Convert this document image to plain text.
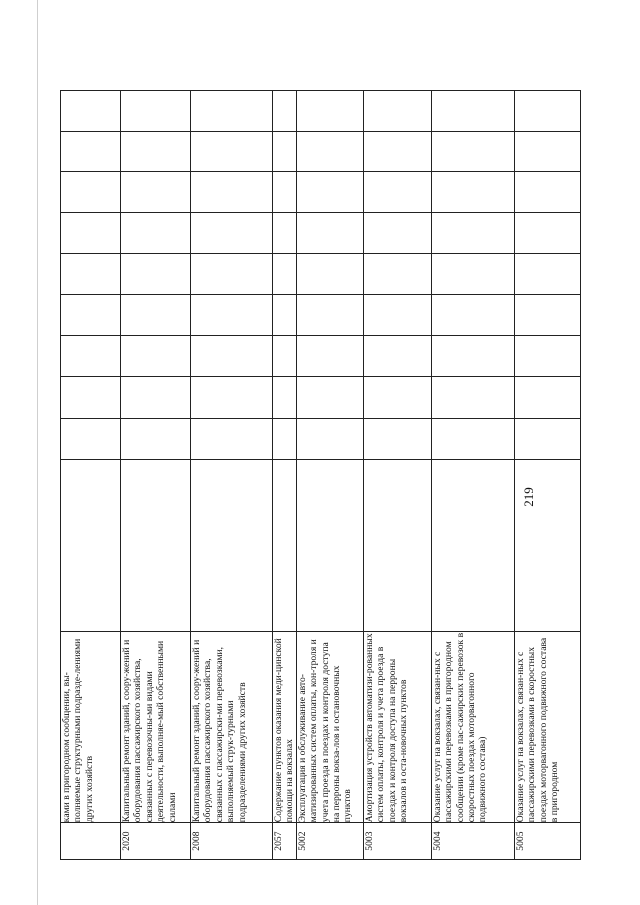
	ками в пригородном сообщении, вы-полняемые структурными подразде-лениями других хозяйств										
2020	Капитальный ремонт зданий, соору-жений и оборудования пассажирского хозяйства, связанных с перевозочны-ми видами деятельности, выполняе-мый собственными силами										
2008	Капитальный ремонт зданий, соору-жений и оборудования пассажирского хозяйства, связанных с пассажирски-ми перевозками, выполняемый струк-турными подразделениями других хозяйств										
2057	Содержание пунктов оказания меди-цинской помощи на вокзалах										
5002	Эксплуатация и обслуживание авто-матизированных систем оплаты, кон-троля и учета проезда в поездах и контроля доступа на перроны вокза-лов и остановочных пунктов										
5003	Амортизация устройств автоматизи-рованных систем оплаты, контроля и учета проезда в поездах и контроля доступа на перроны вокзалов и оста-новочных пунктов										
5004	Оказание услуг на вокзалах, связан-ных с пассажирскими перевозками в пригородном сообщении (кроме пас-сажирских перевозок в скоростных поездах моторвагонного подвижного состава)										
5005	Оказание услуг на вокзалах, связан-ных с пассажирскими перевозками в скоростных поездах моторвагонного подвижного состава в пригородном										
219
